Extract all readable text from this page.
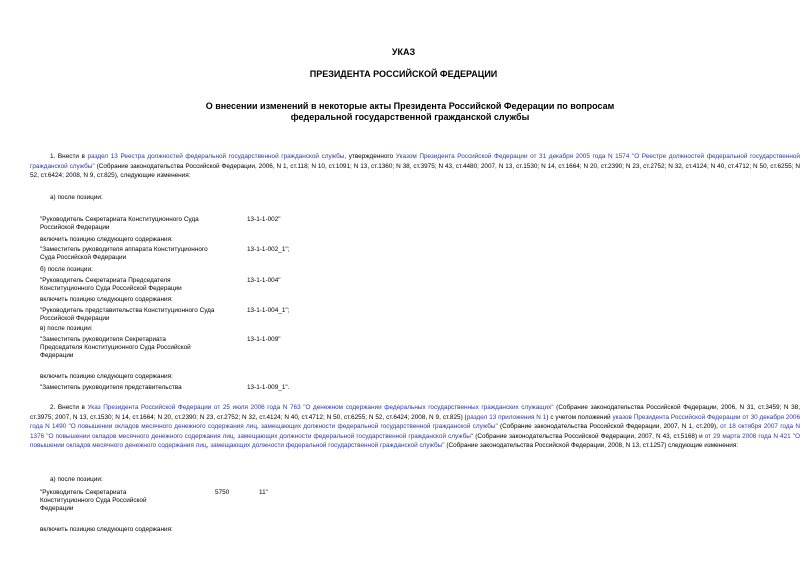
УКАЗ
ПРЕЗИДЕНТА РОССИЙСКОЙ ФЕДЕРАЦИИ
О внесении изменений в некоторые акты Президента Российской Федерации по вопросам федеральной государственной гражданской службы
1. Внести в раздел 13 Реестра должностей федеральной государственной гражданской службы, утвержденного Указом Президента Российской Федерации от 31 декабря 2005 года N 1574 "О Реестре должностей федеральной государственной гражданской службы" (Собрание законодательства Российской Федерации, 2006, N 1, ст.118; N 10, ст.1091; N 13, ст.1360; N 38, ст.3975; N 43, ст.4480; 2007, N 13, ст.1530; N 14, ст.1664; N 20, ст.2390; N 23, ст.2752; N 32, ст.4124; N 40, ст.4712; N 50, ст.6255; N 52, ст.6424; 2008, N 9, ст.825), следующие изменения:
а) после позиции:
"Руководитель Секретариата Конституционного Суда Российской Федерации
13-1-1-002"
включить позицию следующего содержания:
"Заместитель руководителя аппарата Конституционного Суда Российской Федерации
13-1-1-002_1";
б) после позиции:
"Руководитель Секретариата Председателя Конституционного Суда Российской Федерации
13-1-1-004"
включить позицию следующего содержания:
"Руководитель представительства Конституционного Суда Российской Федерации
13-1-1-004_1";
в) после позиции:
"Заместитель руководителя Секретариата Председателя Конституционного Суда Российской Федерации
13-1-1-009"
включить позицию следующего содержания:
"Заместитель руководителя представительства	13-1-1-009_1".
2. Внести в Указ Президента Российской Федерации от 25 июля 2006 года N 763 "О денежном содержании федеральных государственных гражданских служащих" (Собрание законодательства Российской Федерации, 2006, N 31, ст.3459; N 38, ст.3975; 2007, N 13, ст.1530; N 14, ст.1664; N 20, ст.2390; N 23, ст.2752; N 32, ст.4124; N 40, ст.4712; N 50, ст.6255; N 52, ст.6424; 2008, N 9, ст.825) (раздел 13 приложения N 1) с учетом положений указов Президента Российской Федерации от 30 декабря 2006 года N 1490 "О повышении окладов месячного денежного содержания лиц, замещающих должности федеральной государственной гражданской службы" (Собрание законодательства Российской Федерации, 2007, N 1, ст.209), от 18 октября 2007 года N 1376 "О повышении окладов месячного денежного содержания лиц, замещающих должности федеральной государственной гражданской службы" (Собрание законодательства Российской Федерации, 2007, N 43, ст.5168) и от 29 марта 2008 года N 421 "О повышении окладов месячного денежного содержания лиц, замещающих должности федеральной государственной гражданской службы" (Собрание законодательства Российской Федерации, 2008, N 13, ст.1257) следующие изменения:
а) после позиции:
"Руководитель Секретариата Конституционного Суда Российской Федерации
5750	11"
включить позицию следующего содержания:
